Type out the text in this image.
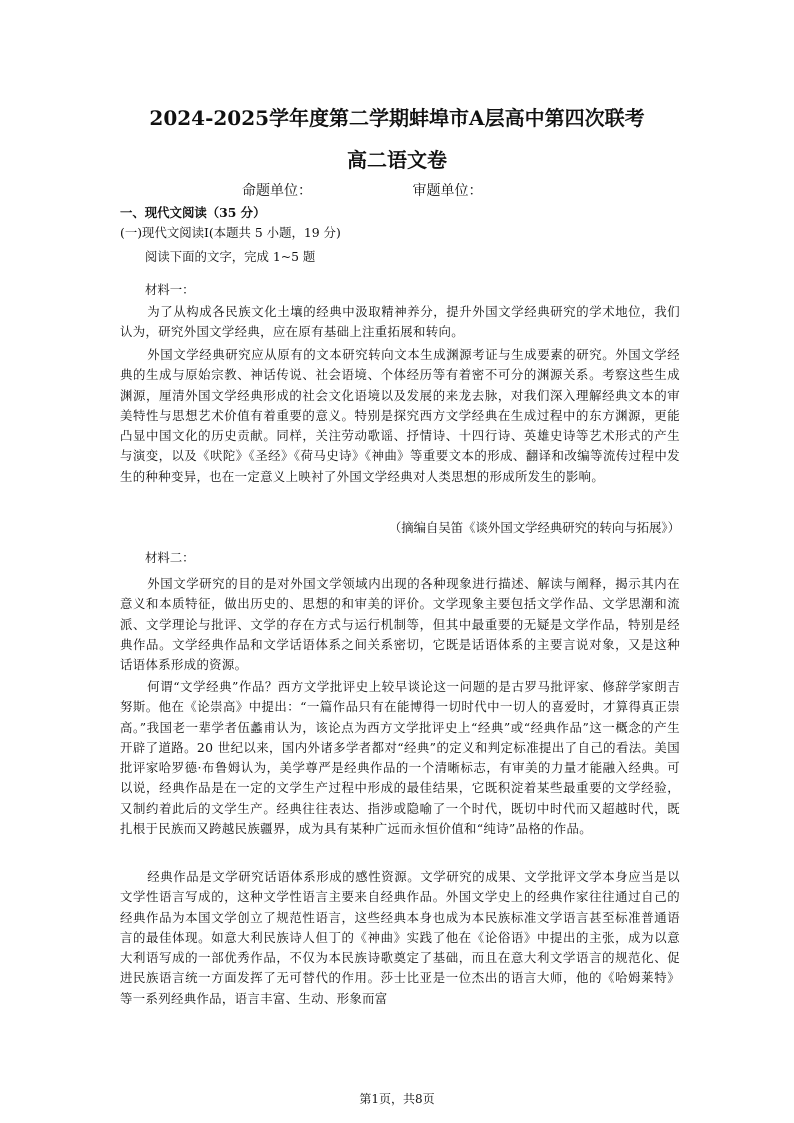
2024-2025学年度第二学期蚌埠市A层高中第四次联考
高二语文卷
命题单位：	审题单位：
一、现代文阅读（35 分）
(一)现代文阅读I(本题共 5 小题，19 分)
阅读下面的文字，完成 1~5 题
材料一：
为了从构成各民族文化土壤的经典中汲取精神养分，提升外国文学经典研究的学术地位，我们认为，研究外国文学经典，应在原有基础上注重拓展和转向。
外国文学经典研究应从原有的文本研究转向文本生成渊源考证与生成要素的研究。外国文学经典的生成与原始宗教、神话传说、社会语境、个体经历等有着密不可分的渊源关系。考察这些生成渊源，厘清外国文学经典形成的社会文化语境以及发展的来龙去脉，对我们深入理解经典文本的审美特性与思想艺术价值有着重要的意义。特别是探究西方文学经典在生成过程中的东方渊源，更能凸显中国文化的历史贡献。同样，关注劳动歌谣、抒情诗、十四行诗、英雄史诗等艺术形式的产生与演变，以及《吠陀》《圣经》《荷马史诗》《神曲》等重要文本的形成、翻译和改编等流传过程中发生的种种变异，也在一定意义上映衬了外国文学经典对人类思想的形成所发生的影响。
（摘编自吴笛《谈外国文学经典研究的转向与拓展》）
材料二：
外国文学研究的目的是对外国文学领域内出现的各种现象进行描述、解读与阐释，揭示其内在意义和本质特征，做出历史的、思想的和审美的评价。文学现象主要包括文学作品、文学思潮和流派、文学理论与批评、文学的存在方式与运行机制等，但其中最重要的无疑是文学作品，特别是经典作品。文学经典作品和文学话语体系之间关系密切，它既是话语体系的主要言说对象，又是这种话语体系形成的资源。
何谓“文学经典”作品？西方文学批评史上较早谈论这一问题的是古罗马批评家、修辞学家朗吉努斯。他在《论崇高》中提出：“一篇作品只有在能博得一切时代中一切人的喜爱时，才算得真正崇高。”我国老一辈学者伍蠡甫认为，该论点为西方文学批评史上“经典”或“经典作品”这一概念的产生开辟了道路。20 世纪以来，国内外诸多学者都对“经典”的定义和判定标准提出了自己的看法。美国批评家哈罗德·布鲁姆认为，美学尊严是经典作品的一个清晰标志，有审美的力量才能融入经典。可以说，经典作品是在一定的文学生产过程中形成的最佳结果，它既积淀着某些最重要的文学经验，又制约着此后的文学生产。经典往往表达、指涉或隐喻了一个时代，既切中时代而又超越时代，既扎根于民族而又跨越民族疆界，成为具有某种广远而永恒价值和“纯诗”品格的作品。
经典作品是文学研究话语体系形成的感性资源。文学研究的成果、文学批评文学本身应当是以文学性语言写成的，这种文学性语言主要来自经典作品。外国文学史上的经典作家往往通过自己的经典作品为本国文学创立了规范性语言，这些经典本身也成为本民族标准文学语言甚至标准普通语言的最佳体现。如意大利民族诗人但丁的《神曲》实践了他在《论俗语》中提出的主张，成为以意大利语写成的一部优秀作品，不仅为本民族诗歌奠定了基础，而且在意大利文学语言的规范化、促进民族语言统一方面发挥了无可替代的作用。莎士比亚是一位杰出的语言大师，他的《哈姆莱特》等一系列经典作品，语言丰富、生动、形象而富
第1页，共8页
